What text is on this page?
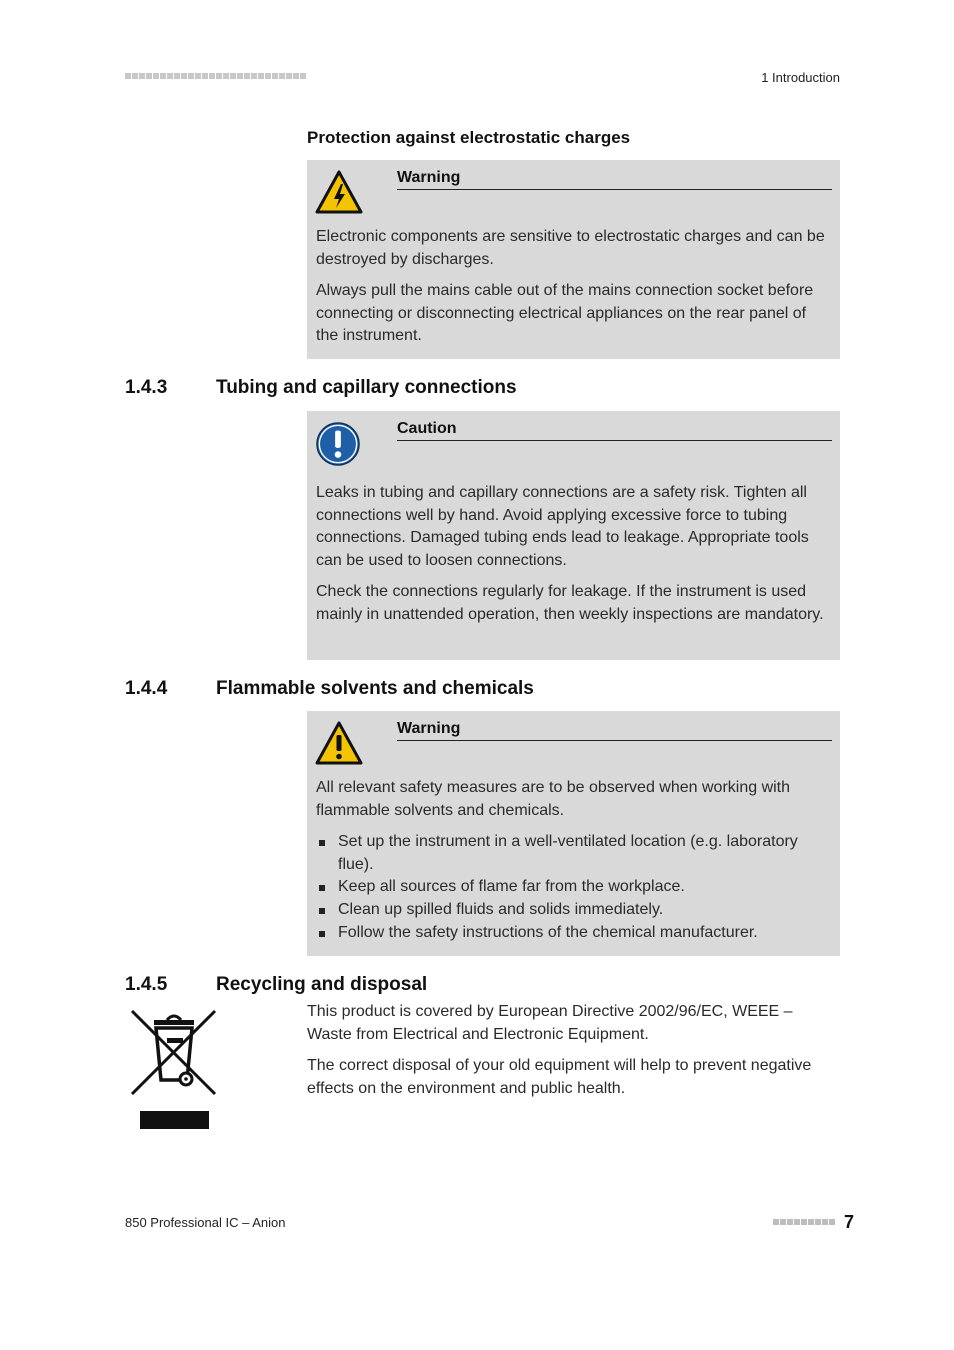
1 Introduction
Protection against electrostatic charges
Warning

Electronic components are sensitive to electrostatic charges and can be destroyed by discharges.

Always pull the mains cable out of the mains connection socket before connecting or disconnecting electrical appliances on the rear panel of the instrument.

1.4.3	Tubing and capillary connections
Caution

Leaks in tubing and capillary connections are a safety risk. Tighten all connections well by hand. Avoid applying excessive force to tubing connections. Damaged tubing ends lead to leakage. Appropriate tools can be used to loosen connections.

Check the connections regularly for leakage. If the instrument is used mainly in unattended operation, then weekly inspections are mandatory.

1.4.4	Flammable solvents and chemicals
Warning

All relevant safety measures are to be observed when working with flammable solvents and chemicals.

Set up the instrument in a well-ventilated location (e.g. laboratory flue).
Keep all sources of flame far from the workplace.
Clean up spilled fluids and solids immediately.
Follow the safety instructions of the chemical manufacturer.
1.4.5	Recycling and disposal

This product is covered by European Directive 2002/96/EC, WEEE – Waste from Electrical and Electronic Equipment.

The correct disposal of your old equipment will help to prevent negative effects on the environment and public health.

850 Professional IC – Anion	7
